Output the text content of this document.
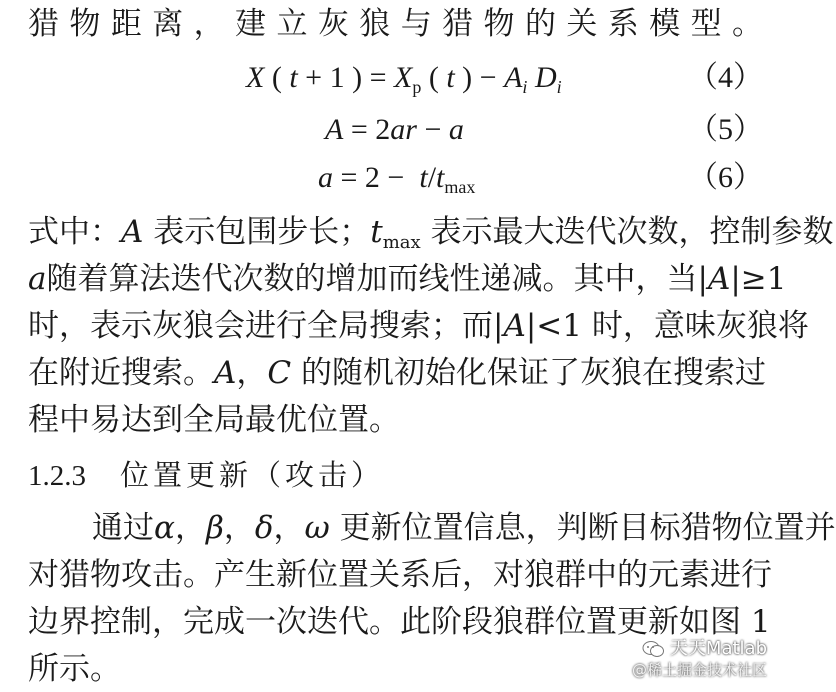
猎物距离，建立灰狼与猎物的关系模型。
X ( t + 1 ) = $X_p$ ( t ) − $A_i$ $D_i$	（4）
A = 2ar − a	（5）
$a = 2 - t/t_{max}$	（6）
式中：A 表示包围步长；$t_{max}$ 表示最大迭代次数，控制参数
a随着算法迭代次数的增加而线性递减。其中，当|A|≥1
时，表示灰狼会进行全局搜索；而|A|<1 时，意味灰狼将
在附近搜索。A，C 的随机初始化保证了灰狼在搜索过
程中易达到全局最优位置。
1.2.3 位置更新（攻击）
通过α，β，δ，ω 更新位置信息，判断目标猎物位置并
对猎物攻击。产生新位置关系后，对狼群中的元素进行
边界控制，完成一次迭代。此阶段狼群位置更新如图 1
所示。
天天Matlab
@稀土掘金技术社区
